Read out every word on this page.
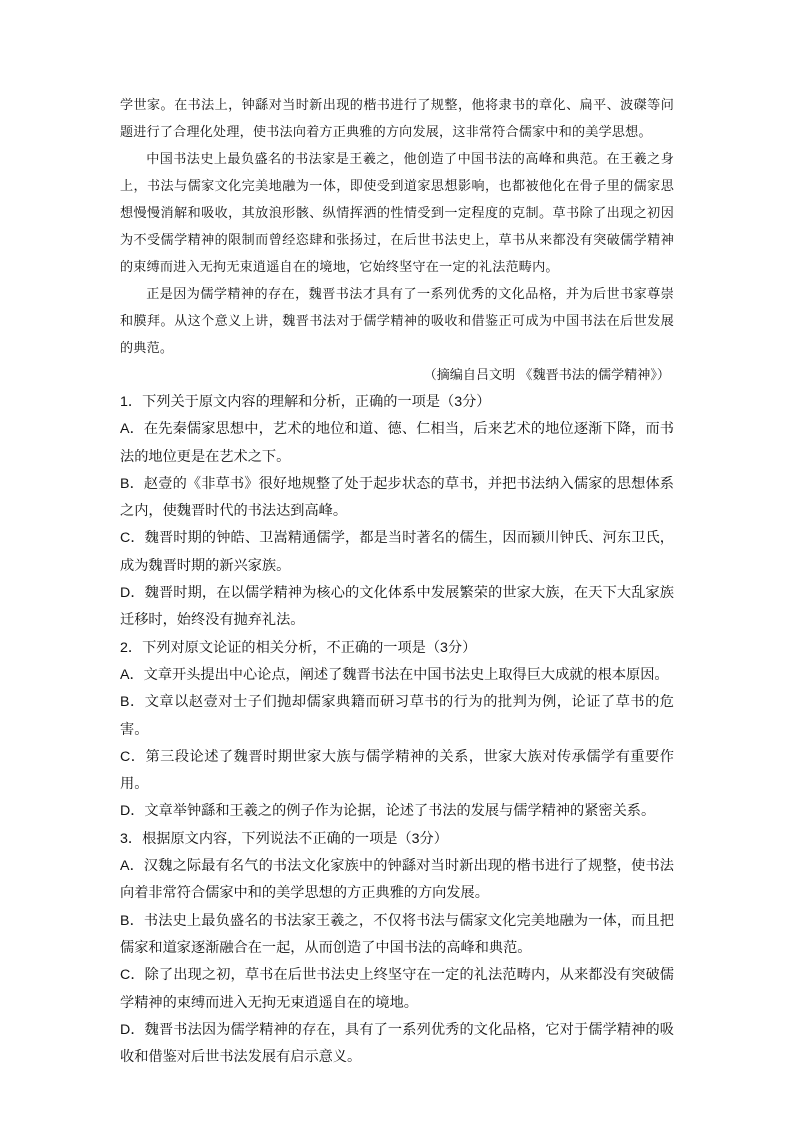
学世家。在书法上，钟繇对当时新出现的楷书进行了规整，他将隶书的章化、扁平、波磔等问题进行了合理化处理，使书法向着方正典雅的方向发展，这非常符合儒家中和的美学思想。

中国书法史上最负盛名的书法家是王羲之，他创造了中国书法的高峰和典范。在王羲之身上，书法与儒家文化完美地融为一体，即使受到道家思想影响，也都被他化在骨子里的儒家思想慢慢消解和吸收，其放浪形骸、纵情挥洒的性情受到一定程度的克制。草书除了出现之初因为不受儒学精神的限制而曾经恣肆和张扬过，在后世书法史上，草书从来都没有突破儒学精神的束缚而进入无拘无束逍遥自在的境地，它始终坚守在一定的礼法范畴内。

正是因为儒学精神的存在，魏晋书法才具有了一系列优秀的文化品格，并为后世书家尊崇和膜拜。从这个意义上讲，魏晋书法对于儒学精神的吸收和借鉴正可成为中国书法在后世发展的典范。

（摘编自吕文明 《魏晋书法的儒学精神》）

1．下列关于原文内容的理解和分析，正确的一项是（3分）

A．在先秦儒家思想中，艺术的地位和道、德、仁相当，后来艺术的地位逐渐下降，而书法的地位更是在艺术之下。

B．赵壹的《非草书》很好地规整了处于起步状态的草书，并把书法纳入儒家的思想体系之内，使魏晋时代的书法达到高峰。

C．魏晋时期的钟皓、卫嵩精通儒学，都是当时著名的儒生，因而颍川钟氏、河东卫氏，成为魏晋时期的新兴家族。

D．魏晋时期，在以儒学精神为核心的文化体系中发展繁荣的世家大族，在天下大乱家族迁移时，始终没有抛弃礼法。

2．下列对原文论证的相关分析，不正确的一项是（3分）

A．文章开头提出中心论点，阐述了魏晋书法在中国书法史上取得巨大成就的根本原因。

B．文章以赵壹对士子们抛却儒家典籍而研习草书的行为的批判为例，论证了草书的危害。

C．第三段论述了魏晋时期世家大族与儒学精神的关系，世家大族对传承儒学有重要作用。

D．文章举钟繇和王羲之的例子作为论据，论述了书法的发展与儒学精神的紧密关系。

3．根据原文内容，下列说法不正确的一项是（3分）

A．汉魏之际最有名气的书法文化家族中的钟繇对当时新出现的楷书进行了规整，使书法向着非常符合儒家中和的美学思想的方正典雅的方向发展。

B．书法史上最负盛名的书法家王羲之，不仅将书法与儒家文化完美地融为一体，而且把儒家和道家逐渐融合在一起，从而创造了中国书法的高峰和典范。

C．除了出现之初，草书在后世书法史上终坚守在一定的礼法范畴内，从来都没有突破儒学精神的束缚而进入无拘无束逍遥自在的境地。

D．魏晋书法因为儒学精神的存在，具有了一系列优秀的文化品格，它对于儒学精神的吸收和借鉴对后世书法发展有启示意义。
